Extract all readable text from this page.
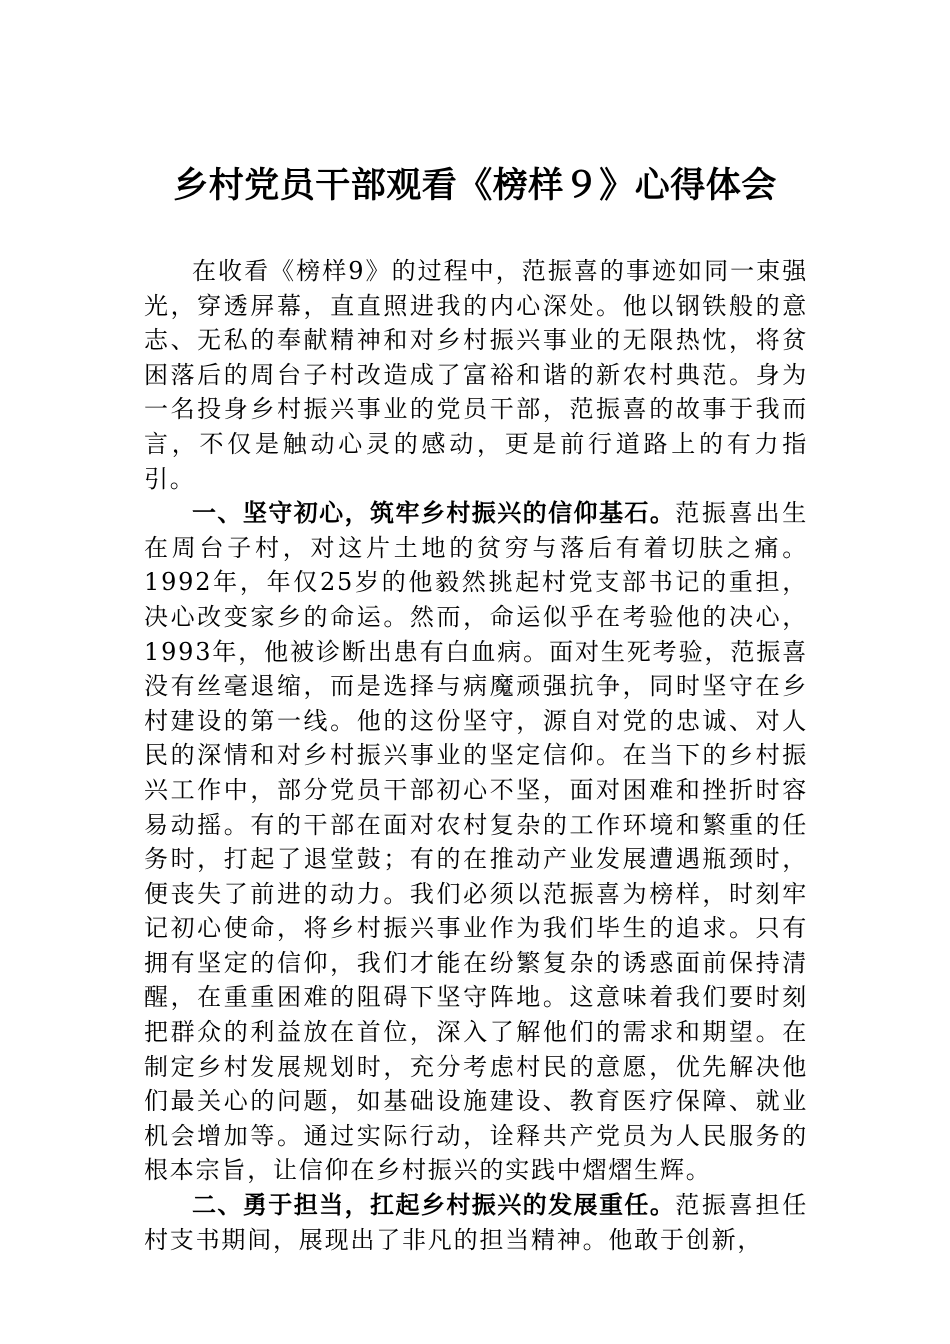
乡村党员干部观看《榜样９》心得体会

在收看《榜样9》的过程中，范振喜的事迹如同一束强光，穿透屏幕，直直照进我的内心深处。他以钢铁般的意志、无私的奉献精神和对乡村振兴事业的无限热忱，将贫困落后的周台子村改造成了富裕和谐的新农村典范。身为一名投身乡村振兴事业的党员干部，范振喜的故事于我而言，不仅是触动心灵的感动，更是前行道路上的有力指引。

一、坚守初心，筑牢乡村振兴的信仰基石。范振喜出生在周台子村，对这片土地的贫穷与落后有着切肤之痛。1992年，年仅25岁的他毅然挑起村党支部书记的重担，决心改变家乡的命运。然而，命运似乎在考验他的决心，1993年，他被诊断出患有白血病。面对生死考验，范振喜没有丝毫退缩，而是选择与病魔顽强抗争，同时坚守在乡村建设的第一线。他的这份坚守，源自对党的忠诚、对人民的深情和对乡村振兴事业的坚定信仰。在当下的乡村振兴工作中，部分党员干部初心不坚，面对困难和挫折时容易动摇。有的干部在面对农村复杂的工作环境和繁重的任务时，打起了退堂鼓；有的在推动产业发展遭遇瓶颈时，便丧失了前进的动力。我们必须以范振喜为榜样，时刻牢记初心使命，将乡村振兴事业作为我们毕生的追求。只有拥有坚定的信仰，我们才能在纷繁复杂的诱惑面前保持清醒，在重重困难的阻碍下坚守阵地。这意味着我们要时刻把群众的利益放在首位，深入了解他们的需求和期望。在制定乡村发展规划时，充分考虑村民的意愿，优先解决他们最关心的问题，如基础设施建设、教育医疗保障、就业机会增加等。通过实际行动，诠释共产党员为人民服务的根本宗旨，让信仰在乡村振兴的实践中熠熠生辉。

二、勇于担当，扛起乡村振兴的发展重任。范振喜担任村支书期间，展现出了非凡的担当精神。他敢于创新，
